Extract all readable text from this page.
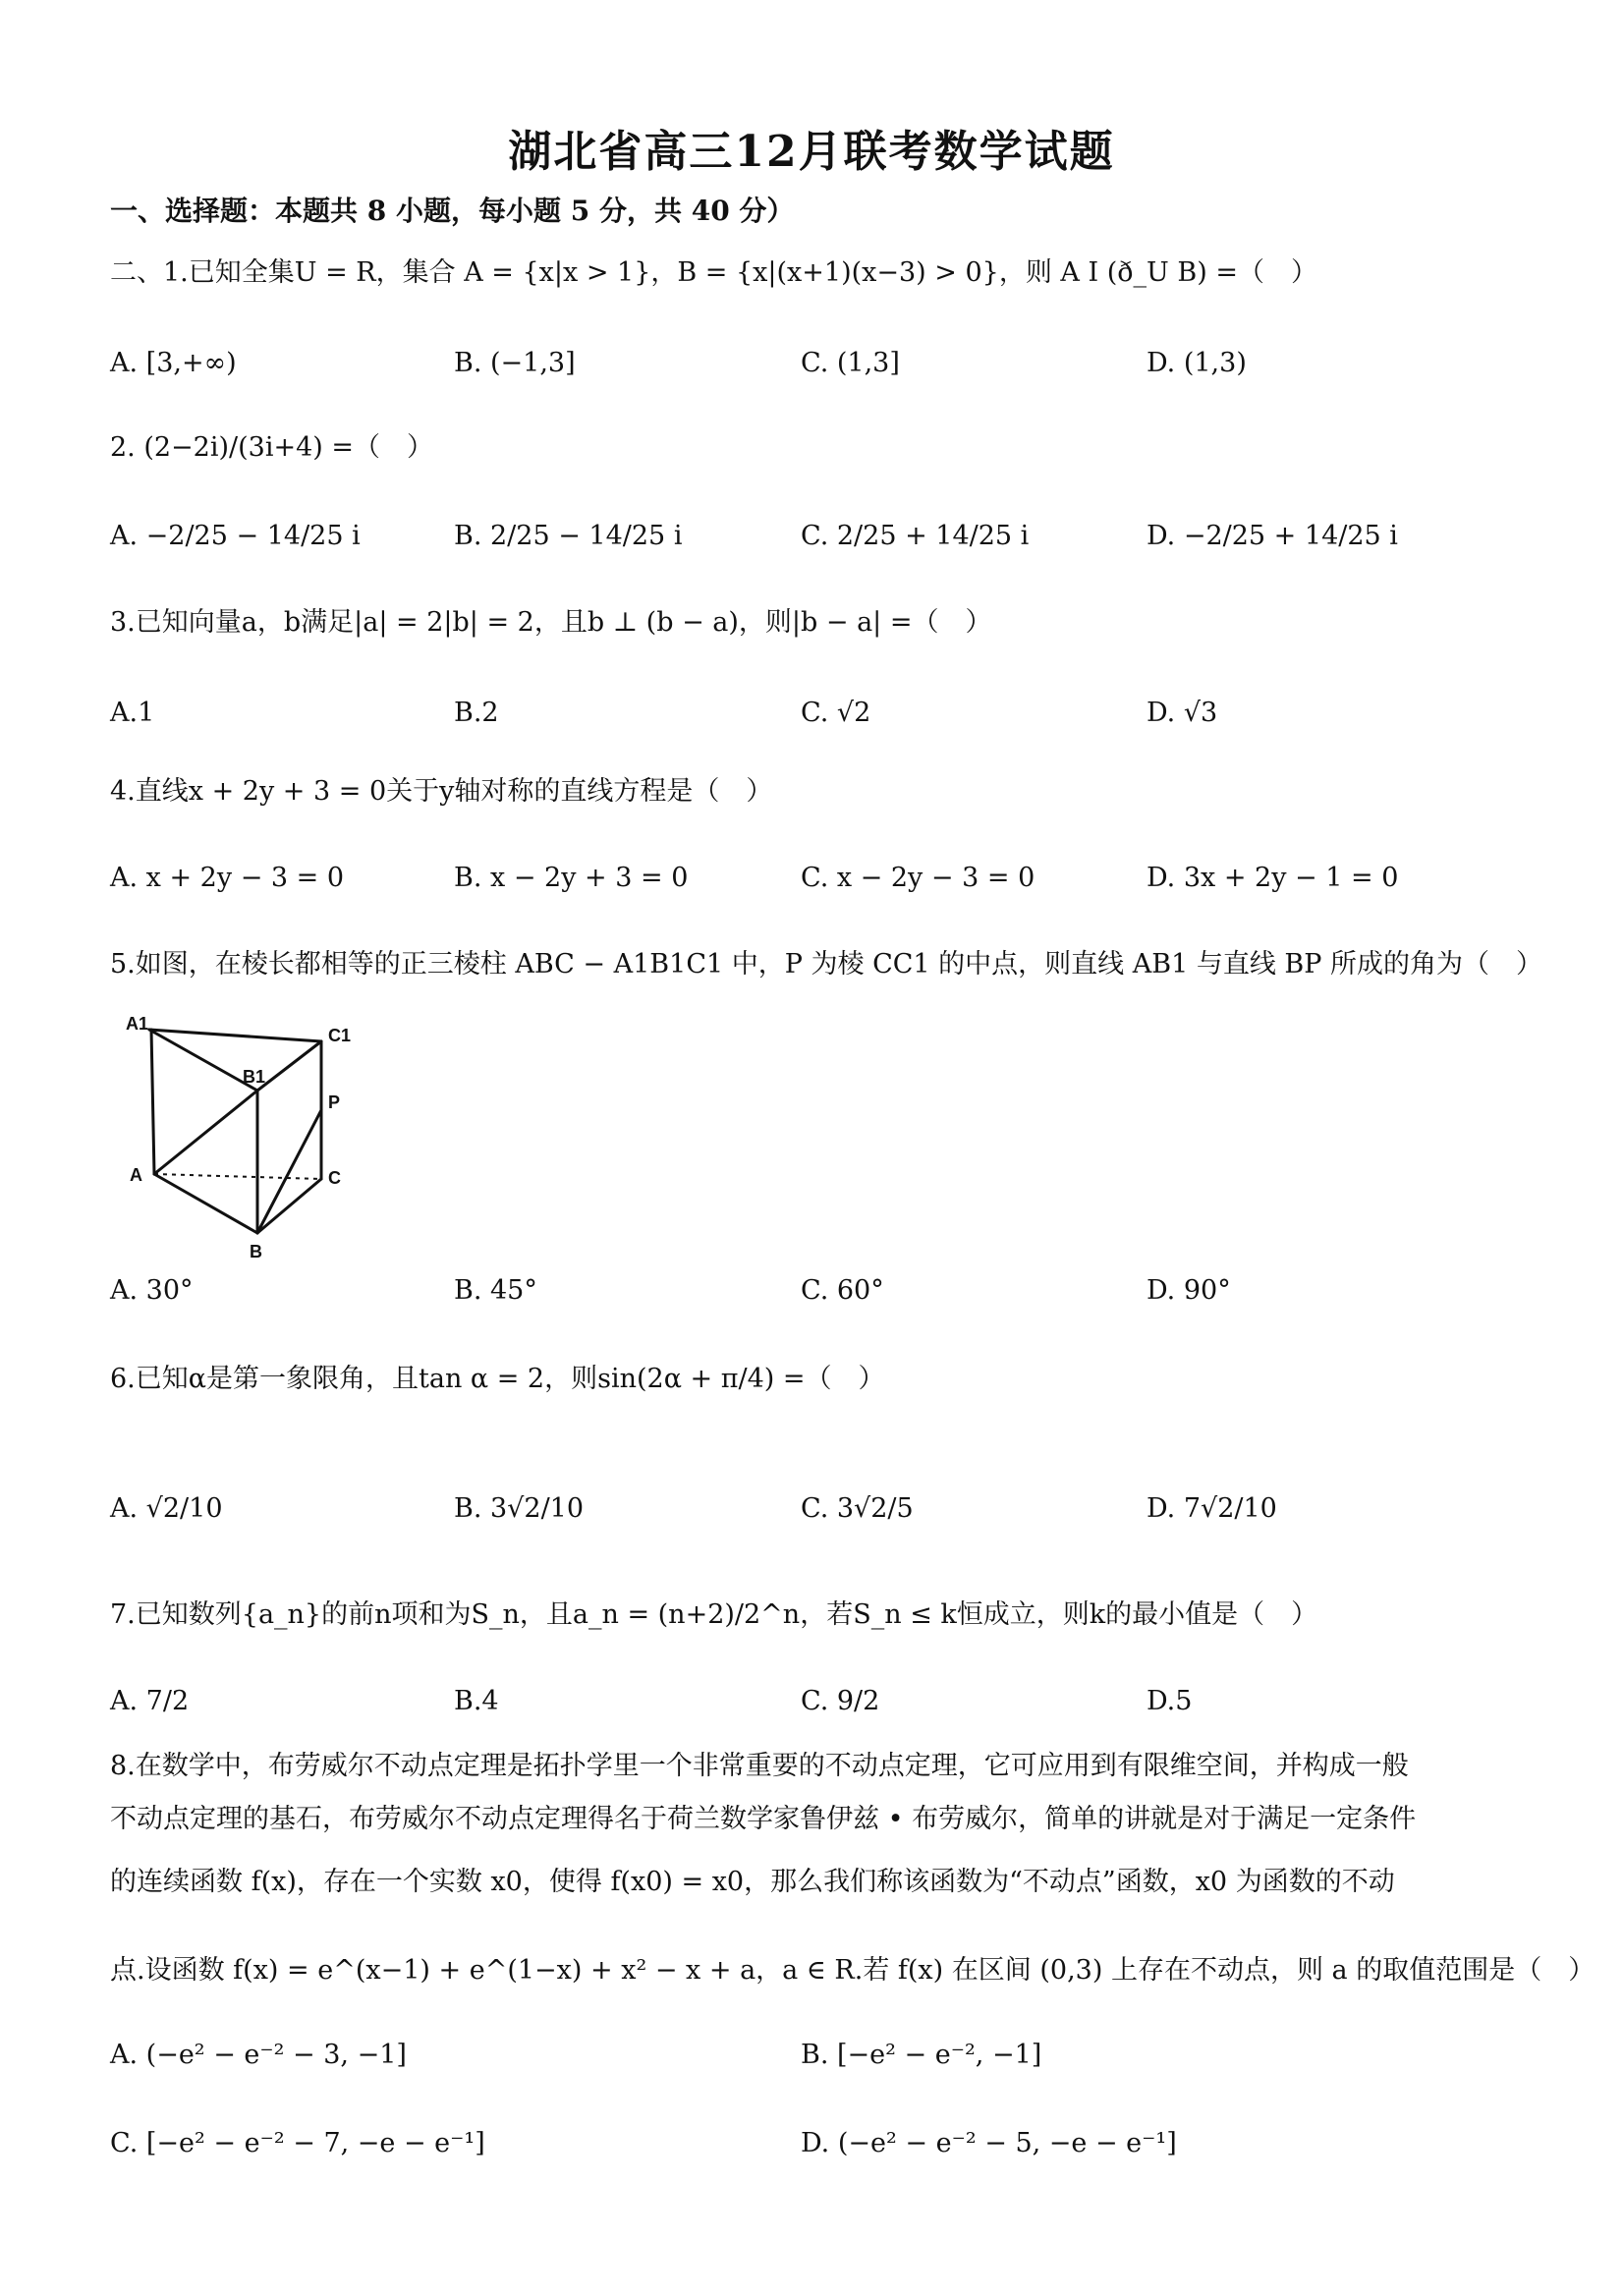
湖北省高三12月联考数学试题
一、选择题：本题共 8 小题，每小题 5 分，共 40 分）
二、1.已知全集U = R，集合 A = {x|x > 1}，B = {x|(x+1)(x−3) > 0}，则 A I (ð_U B) =（　）
A. [3,+∞)	B. (−1,3]	C. (1,3]	D. (1,3)
2. (2−2i)/(3i+4) =（　）
A. −2/25 − 14/25 i	B. 2/25 − 14/25 i	C. 2/25 + 14/25 i	D. −2/25 + 14/25 i
3.已知向量a，b满足|a| = 2|b| = 2，且b ⊥ (b − a)，则|b − a| =（　）
A.1	B.2	C. √2	D. √3
4.直线x + 2y + 3 = 0关于y轴对称的直线方程是（　）
A. x + 2y − 3 = 0	B. x − 2y + 3 = 0	C. x − 2y − 3 = 0	D. 3x + 2y − 1 = 0
5.如图，在棱长都相等的正三棱柱 ABC − A1B1C1 中，P 为棱 CC1 的中点，则直线 AB1 与直线 BP 所成的角为（　）
A1
C1
B1
P
A	C
B
A. 30°	B. 45°	C. 60°	D. 90°
6.已知α是第一象限角，且tan α = 2，则sin(2α + π/4) =（　）
A. √2/10	B. 3√2/10	C. 3√2/5	D. 7√2/10
7.已知数列{a_n}的前n项和为S_n，且a_n = (n+2)/2^n，若S_n ≤ k恒成立，则k的最小值是（　）
A. 7/2	B.4	C. 9/2	D.5
8.在数学中，布劳威尔不动点定理是拓扑学里一个非常重要的不动点定理，它可应用到有限维空间，并构成一般
不动点定理的基石，布劳威尔不动点定理得名于荷兰数学家鲁伊兹 • 布劳威尔，简单的讲就是对于满足一定条件
的连续函数 f(x)，存在一个实数 x0，使得 f(x0) = x0，那么我们称该函数为“不动点”函数，x0 为函数的不动
点.设函数 f(x) = e^(x−1) + e^(1−x) + x² − x + a，a ∈ R.若 f(x) 在区间 (0,3) 上存在不动点，则 a 的取值范围是（　）
A. (−e² − e⁻² − 3, −1]	B. [−e² − e⁻², −1]
C. [−e² − e⁻² − 7, −e − e⁻¹]	D. (−e² − e⁻² − 5, −e − e⁻¹]
